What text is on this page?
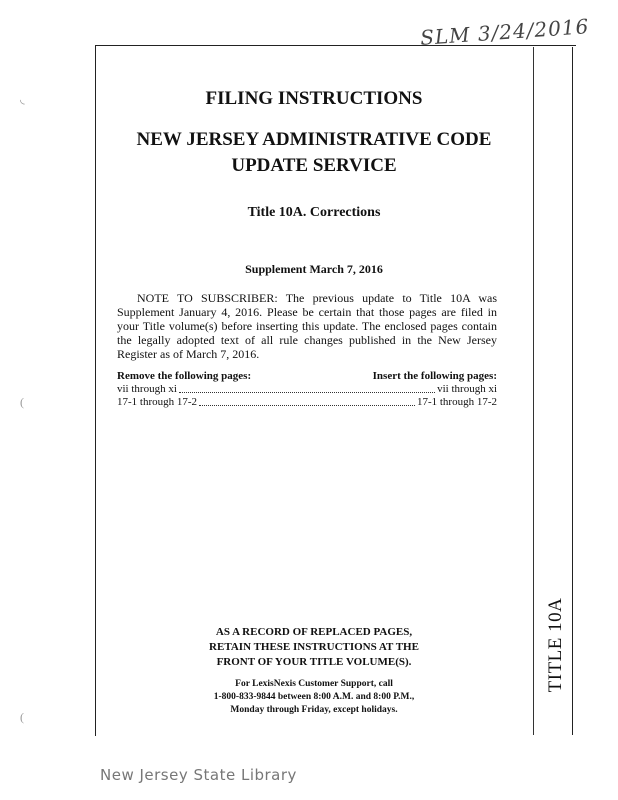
SLM 3/24/2016
◟
(
(
TITLE 10A
FILING INSTRUCTIONS
NEW JERSEY ADMINISTRATIVE CODE
UPDATE SERVICE
Title 10A. Corrections
Supplement March 7, 2016
NOTE TO SUBSCRIBER: The previous update to Title 10A was Supplement January 4, 2016. Please be certain that those pages are filed in your Title volume(s) before inserting this update. The enclosed pages contain the legally adopted text of all rule changes published in the New Jersey Register as of March 7, 2016.
Remove the following pages:	Insert the following pages:
vii through xi	vii through xi
17-1 through 17-2	17-1 through 17-2
AS A RECORD OF REPLACED PAGES,
RETAIN THESE INSTRUCTIONS AT THE
FRONT OF YOUR TITLE VOLUME(S).
For LexisNexis Customer Support, call
1-800-833-9844 between 8:00 A.M. and 8:00 P.M.,
Monday through Friday, except holidays.
New Jersey State Library
